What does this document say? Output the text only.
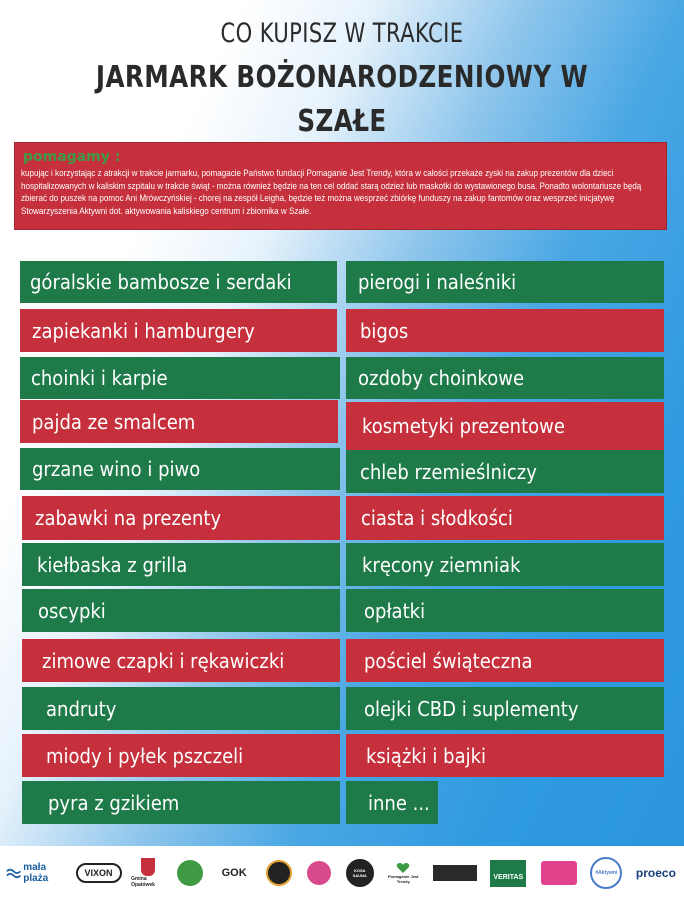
CO KUPISZ W TRAKCIE
JARMARK BOŻONARODZENIOWY W SZAŁE
pomagamy :
kupując i korzystając z atrakcji w trakcie jarmarku, pomagacie Państwo fundacji Pomaganie Jest Trendy, która w całości przekaże zyski na zakup prezentów dla dzieci hospitalizowanych w kaliskim szpitalu w trakcie świąt - można również będzie na ten cel oddać starą odzież lub maskotki do wystawionego busa. Ponadto wolontariusze będą zbierać do puszek na pomoc Ani Mrówczyńskiej - chorej na zespół Leigha, będzie też można wesprzeć zbiórkę funduszy na zakup fantomów oraz wesprzeć inicjatywę Stowarzyszenia Aktywni dot. aktywowania kaliskiego centrum i zbiornika w Szałe.
góralskie bambosze i serdaki
zapiekanki i hamburgery
choinki i karpie
pajda ze smalcem
grzane wino i piwo
zabawki na prezenty
kiełbaska z grilla
oscypki
zimowe czapki i rękawiczki
andruty
miody i pyłek pszczeli
pyra z gzikiem
pierogi i naleśniki
bigos
ozdoby choinkowe
kosmetyki prezentowe
chleb rzemieślniczy
ciasta i słodkości
kręcony ziemniak
opłatki
pościel świąteczna
olejki CBD i suplementy
książki i bajki
inne ...
mała plaża	VIXON
Gmina Opatówek
GOK	KOSA SAUNA	Pomaganie Jest Trendy
VERITAS
#Aktywni proeco
